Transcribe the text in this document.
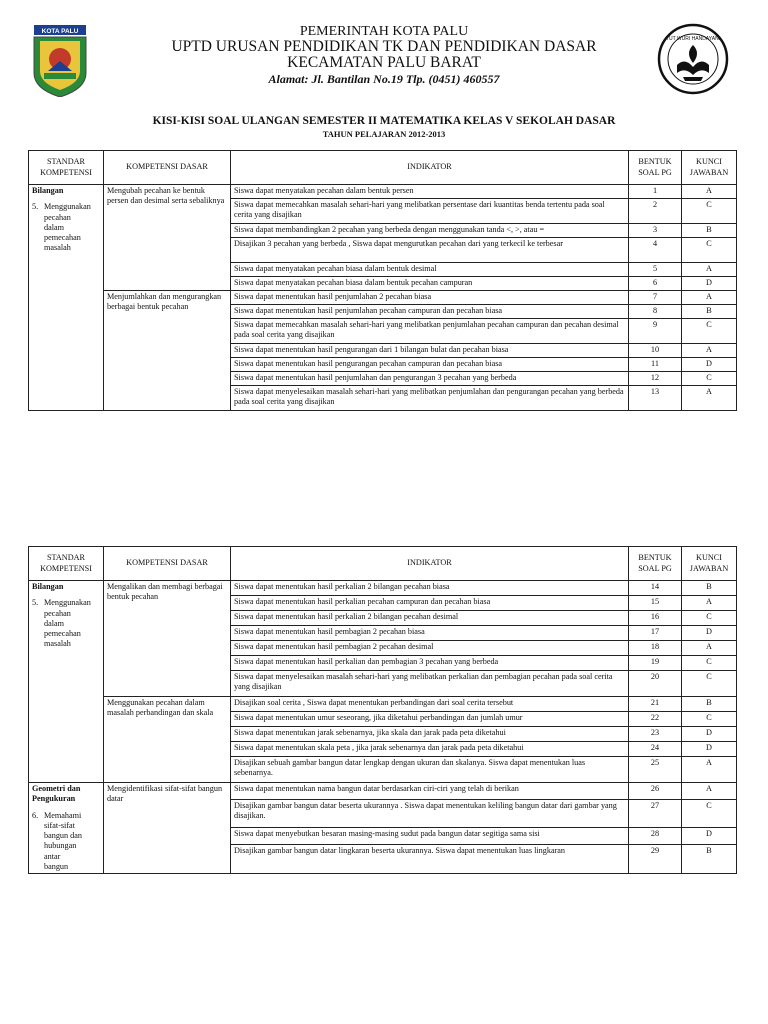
KOTA PALU	PEMERINTAH KOTA PALU
UPTD URUSAN PENDIDIKAN TK DAN PENDIDIKAN DASAR
KECAMATAN PALU BARAT
Alamat: Jl. Bantilan No.19 Tlp. (0451) 460557
TUT WURI HANDAYANI
KISI-KISI SOAL ULANGAN SEMESTER II MATEMATIKA KELAS V SEKOLAH DASAR
TAHUN PELAJARAN 2012-2013
STANDAR KOMPETENSI	KOMPETENSI DASAR	INDIKATOR	BENTUK SOAL PG	KUNCI JAWABAN

Bilangan
5. Menggunakan pecahan dalam pemecahan masalah	Mengubah pecahan ke bentuk persen dan desimal serta sebaliknya	Siswa dapat menyatakan pecahan dalam bentuk persen	1	A
		Siswa dapat memecahkan masalah sehari-hari yang melibatkan persentase dari kuantitas benda tertentu pada soal cerita yang disajikan	2	C
		Siswa dapat membandingkan 2 pecahan yang berbeda dengan menggunakan tanda <, >, atau =	3	B
		Disajikan 3 pecahan yang berbeda , Siswa dapat mengurutkan pecahan dari yang terkecil ke terbesar	4	C
		Siswa dapat menyatakan pecahan biasa dalam bentuk desimal	5	A
		Siswa dapat menyatakan pecahan biasa dalam bentuk pecahan campuran	6	D
	Menjumlahkan dan mengurangkan berbagai bentuk pecahan	Siswa dapat menentukan hasil penjumlahan 2 pecahan biasa	7	A
		Siswa dapat menentukan hasil penjumlahan pecahan campuran dan pecahan biasa	8	B
		Siswa dapat memecahkan masalah sehari-hari yang melibatkan penjumlahan pecahan campuran dan pecahan desimal pada soal cerita yang disajikan	9	C
		Siswa dapat menentukan hasil pengurangan dari 1 bilangan bulat dan pecahan biasa	10	A
		Siswa dapat menentukan hasil pengurangan pecahan campuran dan pecahan biasa	11	D
		Siswa dapat menentukan hasil penjumlahan dan pengurangan 3 pecahan yang berbeda	12	C
		Siswa dapat menyelesaikan masalah sehari-hari yang melibatkan penjumlahan dan pengurangan pecahan yang berbeda pada soal cerita yang disajikan	13	A
STANDAR KOMPETENSI	KOMPETENSI DASAR	INDIKATOR	BENTUK SOAL PG	KUNCI JAWABAN

Bilangan
5. Menggunakan pecahan dalam pemecahan masalah	Mengalikan dan membagi berbagai bentuk pecahan	Siswa dapat menentukan hasil perkalian 2 bilangan pecahan biasa	14	B
		Siswa dapat menentukan hasil perkalian pecahan campuran dan pecahan biasa	15	A
		Siswa dapat menentukan hasil perkalian 2 bilangan pecahan desimal	16	C
		Siswa dapat menentukan hasil pembagian 2 pecahan biasa	17	D
		Siswa dapat menentukan hasil pembagian 2 pecahan desimal	18	A
		Siswa dapat menentukan hasil perkalian dan pembagian 3 pecahan yang berbeda	19	C
		Siswa dapat menyelesaikan masalah sehari-hari yang melibatkan perkalian dan pembagian pecahan pada soal cerita yang disajikan	20	C
	Menggunakan pecahan dalam masalah perbandingan dan skala	Disajikan soal cerita , Siswa dapat menentukan perbandingan dari soal cerita tersebut	21	B
		Siswa dapat menentukan umur seseorang, jika diketahui perbandingan dan jumlah umur	22	C
		Siswa dapat menentukan jarak sebenarnya, jika skala dan jarak pada peta diketahui	23	D
		Siswa dapat menentukan skala peta , jika jarak sebenarnya dan jarak pada peta diketahui	24	D
		Disajikan sebuah gambar bangun datar lengkap dengan ukuran dan skalanya. Siswa dapat menentukan luas sebenarnya.	25	A

Geometri dan Pengukuran
6. Memahami sifat-sifat bangun dan hubungan antar bangun	Mengidentifikasi sifat-sifat bangun datar	Siswa dapat menentukan nama bangun datar berdasarkan ciri-ciri yang telah di berikan	26	A
		Disajikan gambar bangun datar beserta ukurannya . Siswa dapat menentukan keliling bangun datar dari gambar yang disajikan.	27	C
		Siswa dapat menyebutkan besaran masing-masing sudut pada bangun datar segitiga sama sisi	28	D
		Disajikan gambar bangun datar lingkaran beserta ukurannya. Siswa dapat menentukan luas lingkaran	29	B
